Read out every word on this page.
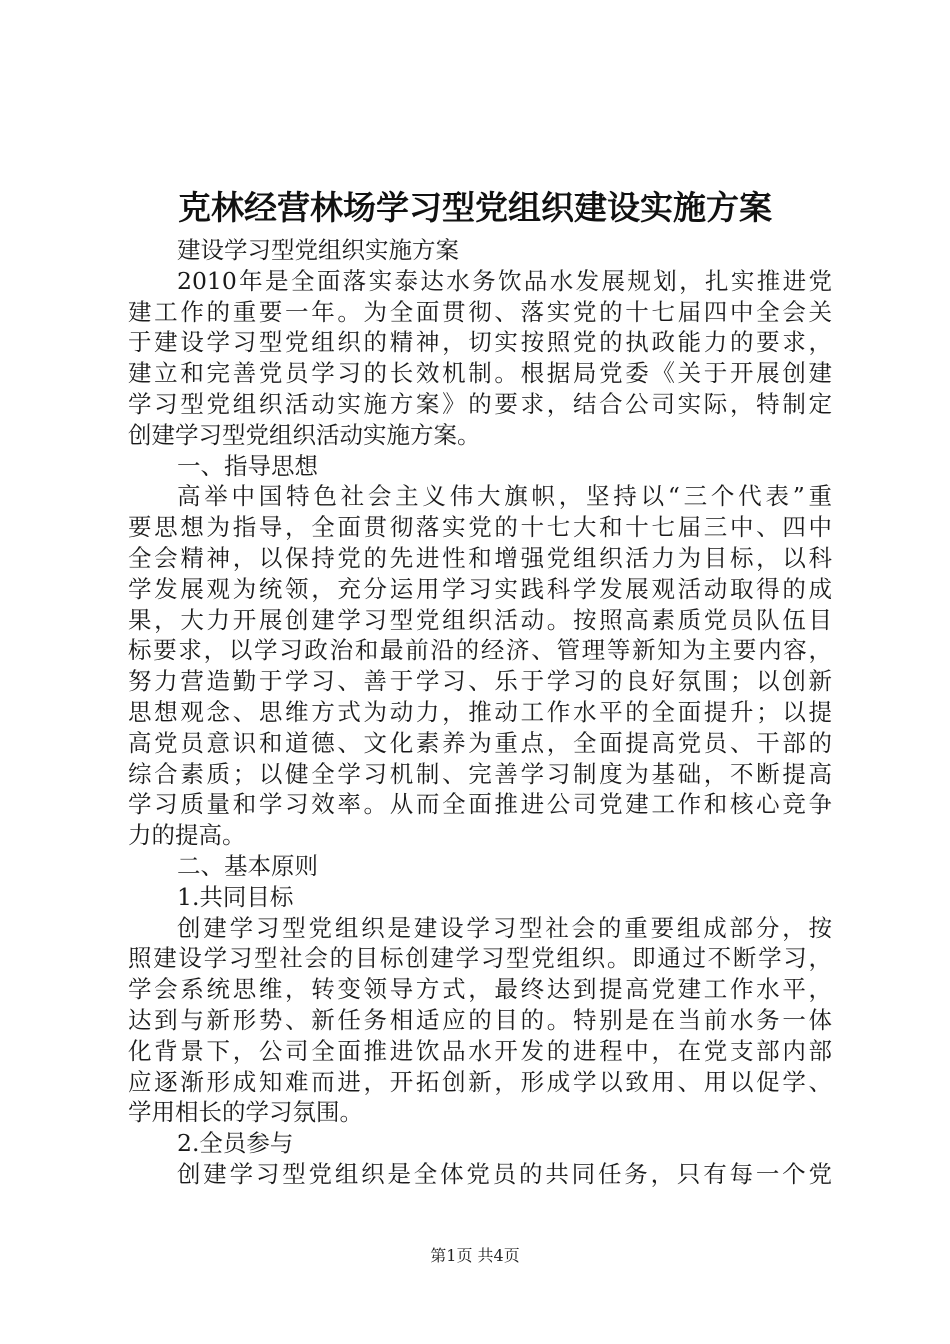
克林经营林场学习型党组织建设实施方案
建设学习型党组织实施方案
2010年是全面落实泰达水务饮品水发展规划，扎实推进党
建工作的重要一年。为全面贯彻、落实党的十七届四中全会关
于建设学习型党组织的精神，切实按照党的执政能力的要求，
建立和完善党员学习的长效机制。根据局党委《关于开展创建
学习型党组织活动实施方案》的要求，结合公司实际，特制定
创建学习型党组织活动实施方案。
一、指导思想
高举中国特色社会主义伟大旗帜，坚持以“三个代表”重
要思想为指导，全面贯彻落实党的十七大和十七届三中、四中
全会精神，以保持党的先进性和增强党组织活力为目标，以科
学发展观为统领，充分运用学习实践科学发展观活动取得的成
果，大力开展创建学习型党组织活动。按照高素质党员队伍目
标要求，以学习政治和最前沿的经济、管理等新知为主要内容，
努力营造勤于学习、善于学习、乐于学习的良好氛围；以创新
思想观念、思维方式为动力，推动工作水平的全面提升；以提
高党员意识和道德、文化素养为重点，全面提高党员、干部的
综合素质；以健全学习机制、完善学习制度为基础，不断提高
学习质量和学习效率。从而全面推进公司党建工作和核心竞争
力的提高。
二、基本原则
1.共同目标
创建学习型党组织是建设学习型社会的重要组成部分，按
照建设学习型社会的目标创建学习型党组织。即通过不断学习，
学会系统思维，转变领导方式，最终达到提高党建工作水平，
达到与新形势、新任务相适应的目的。特别是在当前水务一体
化背景下，公司全面推进饮品水开发的进程中，在党支部内部
应逐渐形成知难而进，开拓创新，形成学以致用、用以促学、
学用相长的学习氛围。
2.全员参与
创建学习型党组织是全体党员的共同任务，只有每一个党
第1页 共4页
